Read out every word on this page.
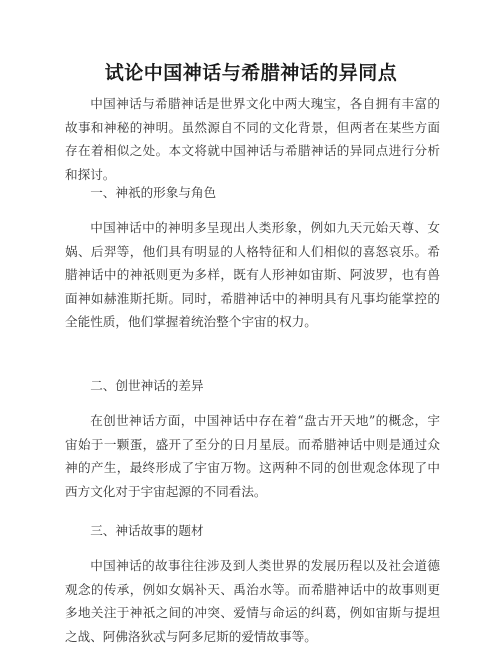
试论中国神话与希腊神话的异同点

中国神话与希腊神话是世界文化中两大瑰宝，各自拥有丰富的故事和神秘的神明。虽然源自不同的文化背景，但两者在某些方面存在着相似之处。本文将就中国神话与希腊神话的异同点进行分析和探讨。

一、神祇的形象与角色

中国神话中的神明多呈现出人类形象，例如九天元始天尊、女娲、后羿等，他们具有明显的人格特征和人们相似的喜怒哀乐。希腊神话中的神祇则更为多样，既有人形神如宙斯、阿波罗，也有兽面神如赫淮斯托斯。同时，希腊神话中的神明具有凡事均能掌控的全能性质，他们掌握着统治整个宇宙的权力。

二、创世神话的差异

在创世神话方面，中国神话中存在着“盘古开天地”的概念，宇宙始于一颗蛋，盛开了至分的日月星辰。而希腊神话中则是通过众神的产生，最终形成了宇宙万物。这两种不同的创世观念体现了中西方文化对于宇宙起源的不同看法。

三、神话故事的题材

中国神话的故事往往涉及到人类世界的发展历程以及社会道德观念的传承，例如女娲补天、禹治水等。而希腊神话中的故事则更多地关注于神祇之间的冲突、爱情与命运的纠葛，例如宙斯与提坦之战、阿佛洛狄忒与阿多尼斯的爱情故事等。
